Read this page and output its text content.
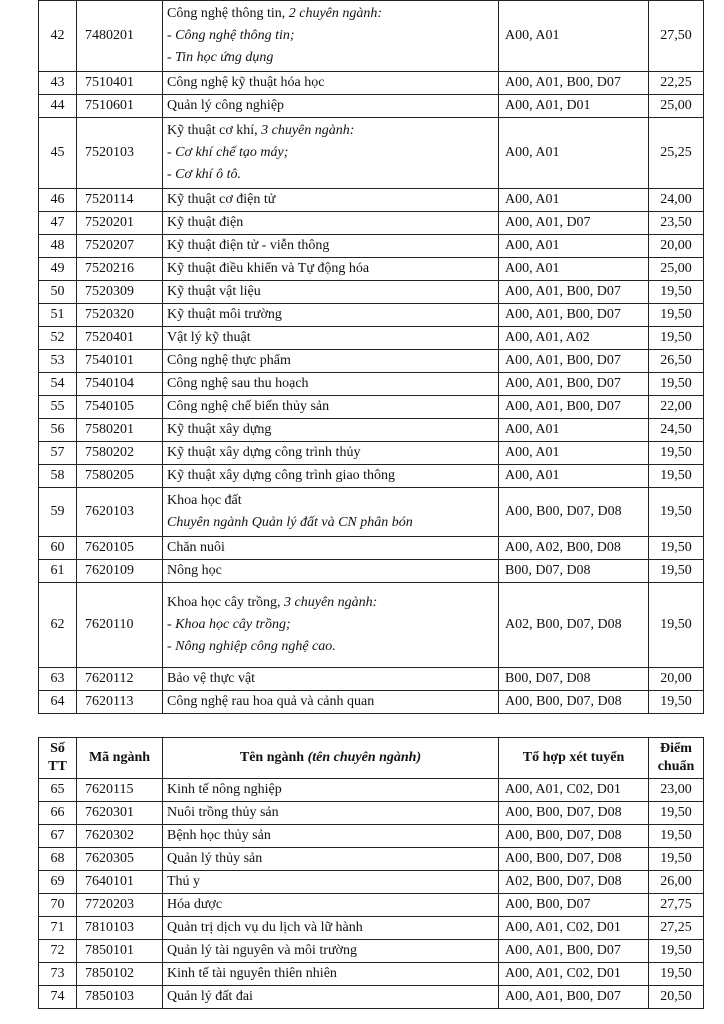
42	7480201	Công nghệ thông tin, 2 chuyên ngành:
- Công nghệ thông tin;
- Tin học ứng dụng	A00, A01	27,50
43	7510401	Công nghệ kỹ thuật hóa học	A00, A01, B00, D07	22,25
44	7510601	Quản lý công nghiệp	A00, A01, D01	25,00
45	7520103	Kỹ thuật cơ khí, 3 chuyên ngành:
- Cơ khí chế tạo máy;
- Cơ khí ô tô.	A00, A01	25,25
46	7520114	Kỹ thuật cơ điện tử	A00, A01	24,00
47	7520201	Kỹ thuật điện	A00, A01, D07	23,50
48	7520207	Kỹ thuật điện tử - viễn thông	A00, A01	20,00
49	7520216	Kỹ thuật điều khiển và Tự động hóa	A00, A01	25,00
50	7520309	Kỹ thuật vật liệu	A00, A01, B00, D07	19,50
51	7520320	Kỹ thuật môi trường	A00, A01, B00, D07	19,50
52	7520401	Vật lý kỹ thuật	A00, A01, A02	19,50
53	7540101	Công nghệ thực phẩm	A00, A01, B00, D07	26,50
54	7540104	Công nghệ sau thu hoạch	A00, A01, B00, D07	19,50
55	7540105	Công nghệ chế biến thủy sản	A00, A01, B00, D07	22,00
56	7580201	Kỹ thuật xây dựng	A00, A01	24,50
57	7580202	Kỹ thuật xây dựng công trình thủy	A00, A01	19,50
58	7580205	Kỹ thuật xây dựng công trình giao thông	A00, A01	19,50
59	7620103	Khoa học đất
Chuyên ngành Quản lý đất và CN phân bón	A00, B00, D07, D08	19,50
60	7620105	Chăn nuôi	A00, A02, B00, D08	19,50
61	7620109	Nông học	B00, D07, D08	19,50
62	7620110	Khoa học cây trồng, 3 chuyên ngành:
- Khoa học cây trồng;
- Nông nghiệp công nghệ cao.	A02, B00, D07, D08	19,50
63	7620112	Bảo vệ thực vật	B00, D07, D08	20,00
64	7620113	Công nghệ rau hoa quả và cảnh quan	A00, B00, D07, D08	19,50
Số TT	Mã ngành	Tên ngành (tên chuyên ngành)	Tổ hợp xét tuyển	Điểm chuẩn
65	7620115	Kinh tế nông nghiệp	A00, A01, C02, D01	23,00
66	7620301	Nuôi trồng thủy sản	A00, B00, D07, D08	19,50
67	7620302	Bệnh học thủy sản	A00, B00, D07, D08	19,50
68	7620305	Quản lý thủy sản	A00, B00, D07, D08	19,50
69	7640101	Thú y	A02, B00, D07, D08	26,00
70	7720203	Hóa dược	A00, B00, D07	27,75
71	7810103	Quản trị dịch vụ du lịch và lữ hành	A00, A01, C02, D01	27,25
72	7850101	Quản lý tài nguyên và môi trường	A00, A01, B00, D07	19,50
73	7850102	Kinh tế tài nguyên thiên nhiên	A00, A01, C02, D01	19,50
74	7850103	Quản lý đất đai	A00, A01, B00, D07	20,50
